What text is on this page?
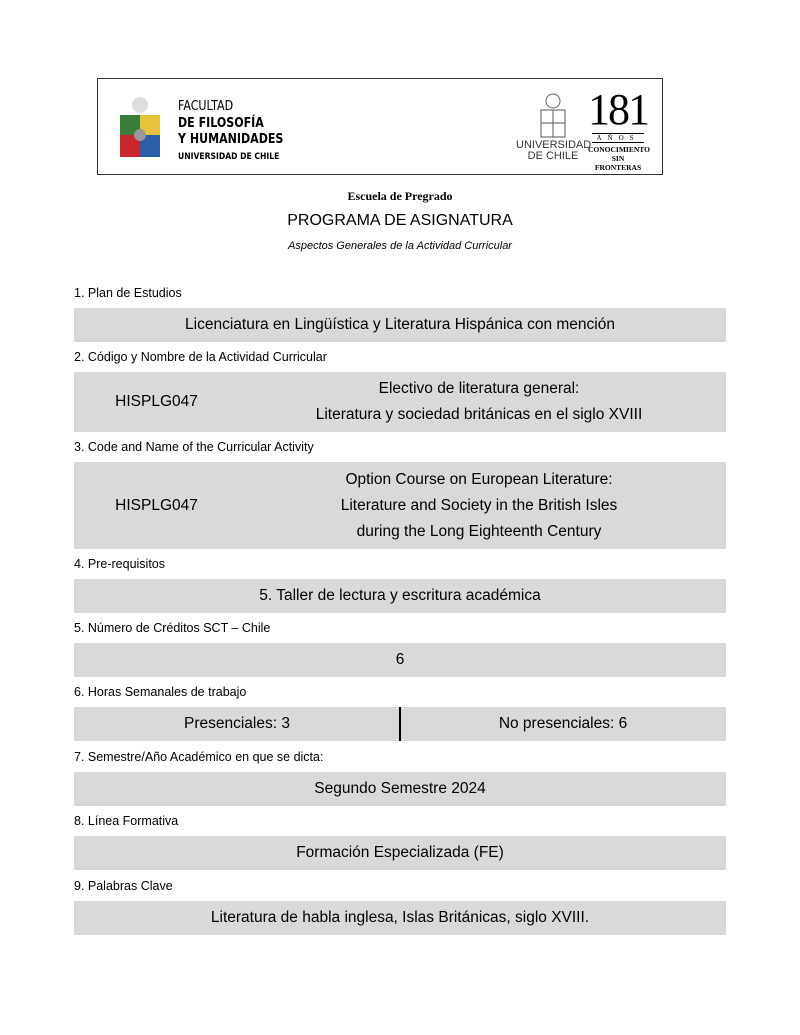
FACULTAD
DE FILOSOFÍA
Y HUMANIDADES
UNIVERSIDAD DE CHILE
UNIVERSIDAD
DE CHILE
181
AÑOS
CONOCIMIENTO
SIN FRONTERAS
Escuela de Pregrado
PROGRAMA DE ASIGNATURA
Aspectos Generales de la Actividad Curricular
1. Plan de Estudios
Licenciatura en Lingüística y Literatura Hispánica con mención
2. Código y Nombre de la Actividad Curricular
HISPLG047
Electivo de literatura general:
Literatura y sociedad británicas en el siglo XVIII
3. Code and Name of the Curricular Activity
HISPLG047
Option Course on European Literature:
Literature and Society in the British Isles
during the Long Eighteenth Century
4. Pre-requisitos
5. Taller de lectura y escritura académica
5. Número de Créditos SCT – Chile
6
6. Horas Semanales de trabajo
Presenciales: 3	No presenciales: 6
7. Semestre/Año Académico en que se dicta:
Segundo Semestre 2024
8. Línea Formativa
Formación Especializada (FE)
9. Palabras Clave
Literatura de habla inglesa, Islas Británicas, siglo XVIII.
